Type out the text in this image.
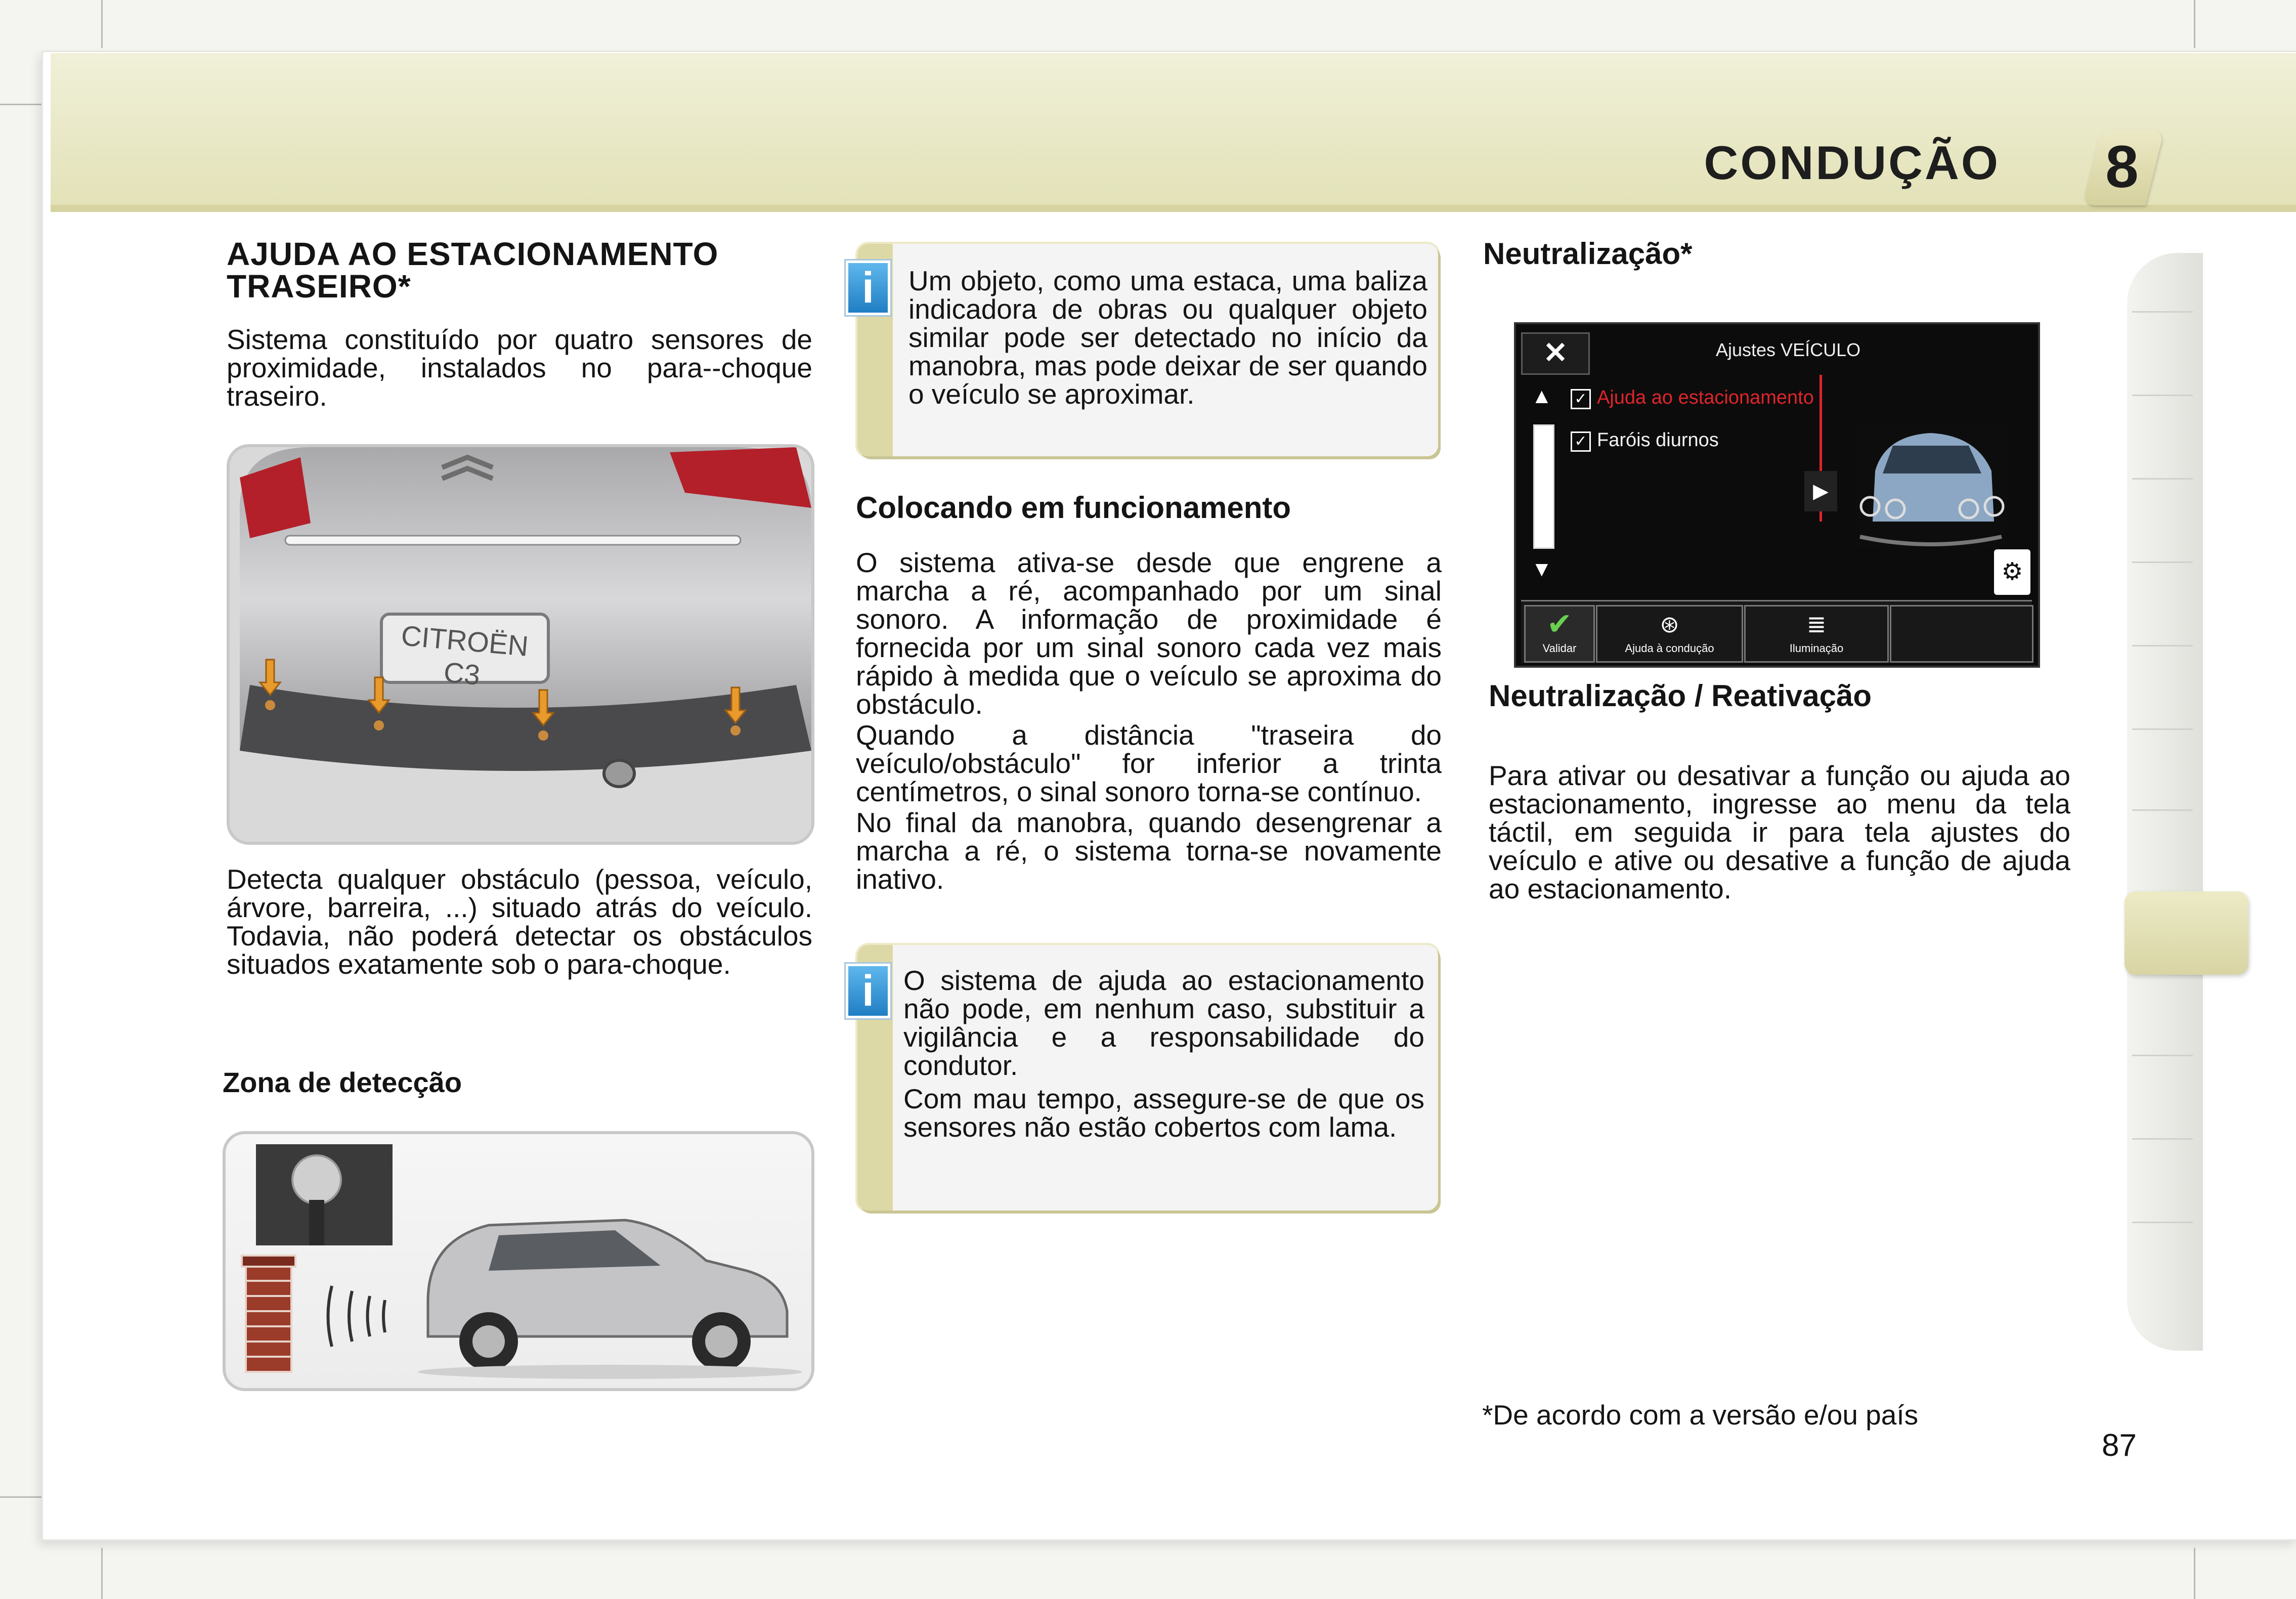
CONDUÇÃO 8
AJUDA AO ESTACIONAMENTO
TRASEIRO*

Sistema constituído por quatro sensores de proximidade, instalados no para--choque traseiro.

CITROËN C3

Detecta qualquer obstáculo (pessoa, veículo, árvore, barreira, ...) situado atrás do veículo. Todavia, não poderá detectar os obstáculos situados exatamente sob o para-choque.

Zona de detecção
i	Um objeto, como uma estaca, uma baliza indicadora de obras ou qualquer objeto similar pode ser detectado no início da manobra, mas pode deixar de ser quando o veículo se aproximar.

Colocando em funcionamento

O sistema ativa-se desde que engrene a marcha a ré, acompanhado por um sinal sonoro. A informação de proximidade é fornecida por um sinal sonoro cada vez mais rápido à medida que o veículo se aproxima do obstáculo.

Quando a distância "traseira do veículo/obstáculo" for inferior a trinta centímetros, o sinal sonoro torna-se contínuo.

No final da manobra, quando desengrenar a marcha a ré, o sistema torna-se novamente inativo.

i	O sistema de ajuda ao estacionamento não pode, em nenhum caso, substituir a vigilância e a responsabilidade do condutor.

Com mau tempo, assegure-se de que os sensores não estão cobertos com lama.

Neutralização*
✕	Ajustes VEÍCULO
▲
▼
✓ Ajuda ao estacionamento
✓ Faróis diurnos
▶
⚙
✔
Validar
⊛
Ajuda à condução
≣
Iluminação
Neutralização / Reativação

Para ativar ou desativar a função ou ajuda ao estacionamento, ingresse ao menu da tela táctil, em seguida ir para tela ajustes do veículo e ative ou desative a função de ajuda ao estacionamento.

*De acordo com a versão e/ou país
87
